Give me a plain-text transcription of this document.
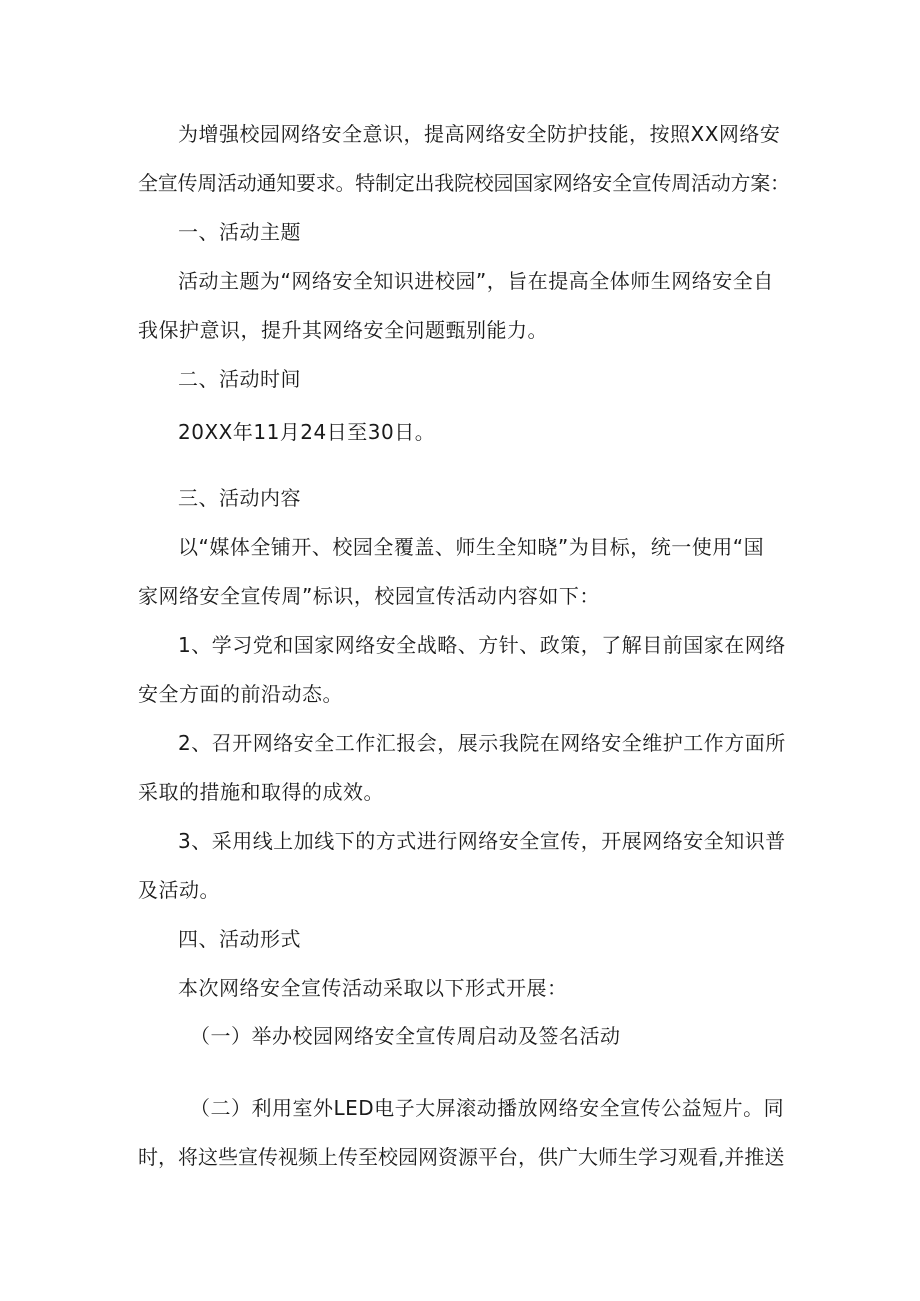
为增强校园网络安全意识，提高网络安全防护技能，按照XX网络安
全宣传周活动通知要求。特制定出我院校园国家网络安全宣传周活动方案：
一、活动主题
活动主题为“网络安全知识进校园”，旨在提高全体师生网络安全自
我保护意识，提升其网络安全问题甄别能力。
二、活动时间
20XX年11月24日至30日。
三、活动内容
以“媒体全铺开、校园全覆盖、师生全知晓”为目标，统一使用“国
家网络安全宣传周”标识，校园宣传活动内容如下：
1、学习党和国家网络安全战略、方针、政策，了解目前国家在网络
安全方面的前沿动态。
2、召开网络安全工作汇报会，展示我院在网络安全维护工作方面所
采取的措施和取得的成效。
3、采用线上加线下的方式进行网络安全宣传，开展网络安全知识普
及活动。
四、活动形式
本次网络安全宣传活动采取以下形式开展：
（一）举办校园网络安全宣传周启动及签名活动
（二）利用室外LED电子大屏滚动播放网络安全宣传公益短片。同
时，将这些宣传视频上传至校园网资源平台，供广大师生学习观看,并推送
